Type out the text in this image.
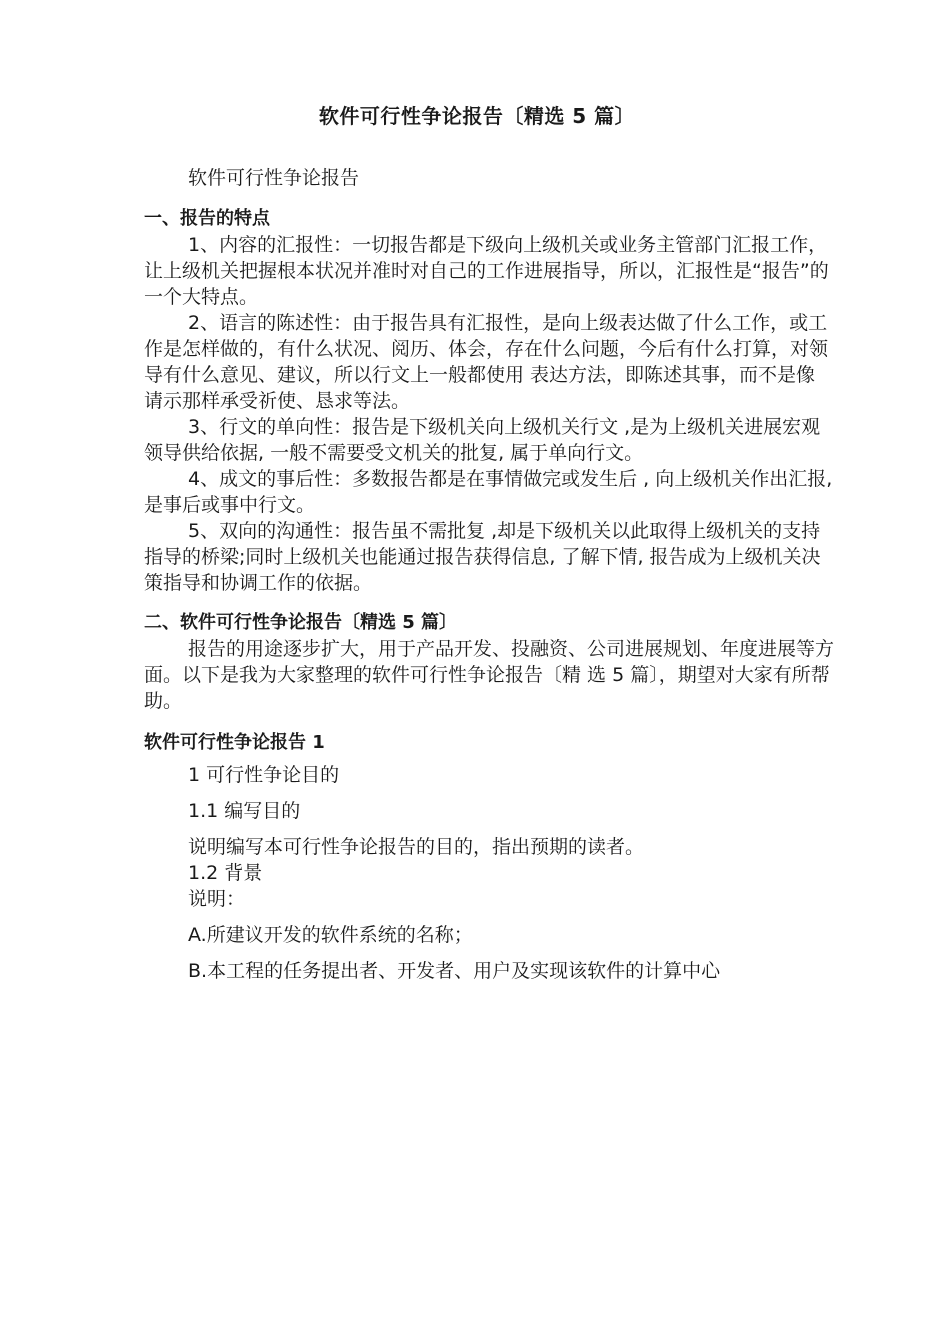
软件可行性争论报告〔精选 5 篇〕
软件可行性争论报告
一、报告的特点

1、内容的汇报性：一切报告都是下级向上级机关或业务主管部门汇报工作，让上级机关把握根本状况并准时对自己的工作进展指导，所以，汇报性是“报告”的一个大特点。

2、语言的陈述性：由于报告具有汇报性，是向上级表达做了什么工作，或工作是怎样做的，有什么状况、阅历、体会，存在什么问题，今后有什么打算，对领导有什么意见、建议，所以行文上一般都使用 表达方法，即陈述其事，而不是像请示那样承受祈使、恳求等法。

3、行文的单向性：报告是下级机关向上级机关行文 ,是为上级机关进展宏观领导供给依据, 一般不需要受文机关的批复, 属于单向行文。

4、成文的事后性：多数报告都是在事情做完或发生后 , 向上级机关作出汇报, 是事后或事中行文。

5、双向的沟通性：报告虽不需批复 ,却是下级机关以此取得上级机关的支持 指导的桥梁;同时上级机关也能通过报告获得信息, 了解下情, 报告成为上级机关决策指导和协调工作的依据。

二、软件可行性争论报告〔精选 5 篇〕

报告的用途逐步扩大，用于产品开发、投融资、公司进展规划、年度进展等方面。以下是我为大家整理的软件可行性争论报告〔精 选 5 篇〕，期望对大家有所帮助。

软件可行性争论报告 1
1 可行性争论目的
1.1 编写目的
说明编写本可行性争论报告的目的，指出预期的读者。
1.2 背景
说明：
A.所建议开发的软件系统的名称；
B.本工程的任务提出者、开发者、用户及实现该软件的计算中心
